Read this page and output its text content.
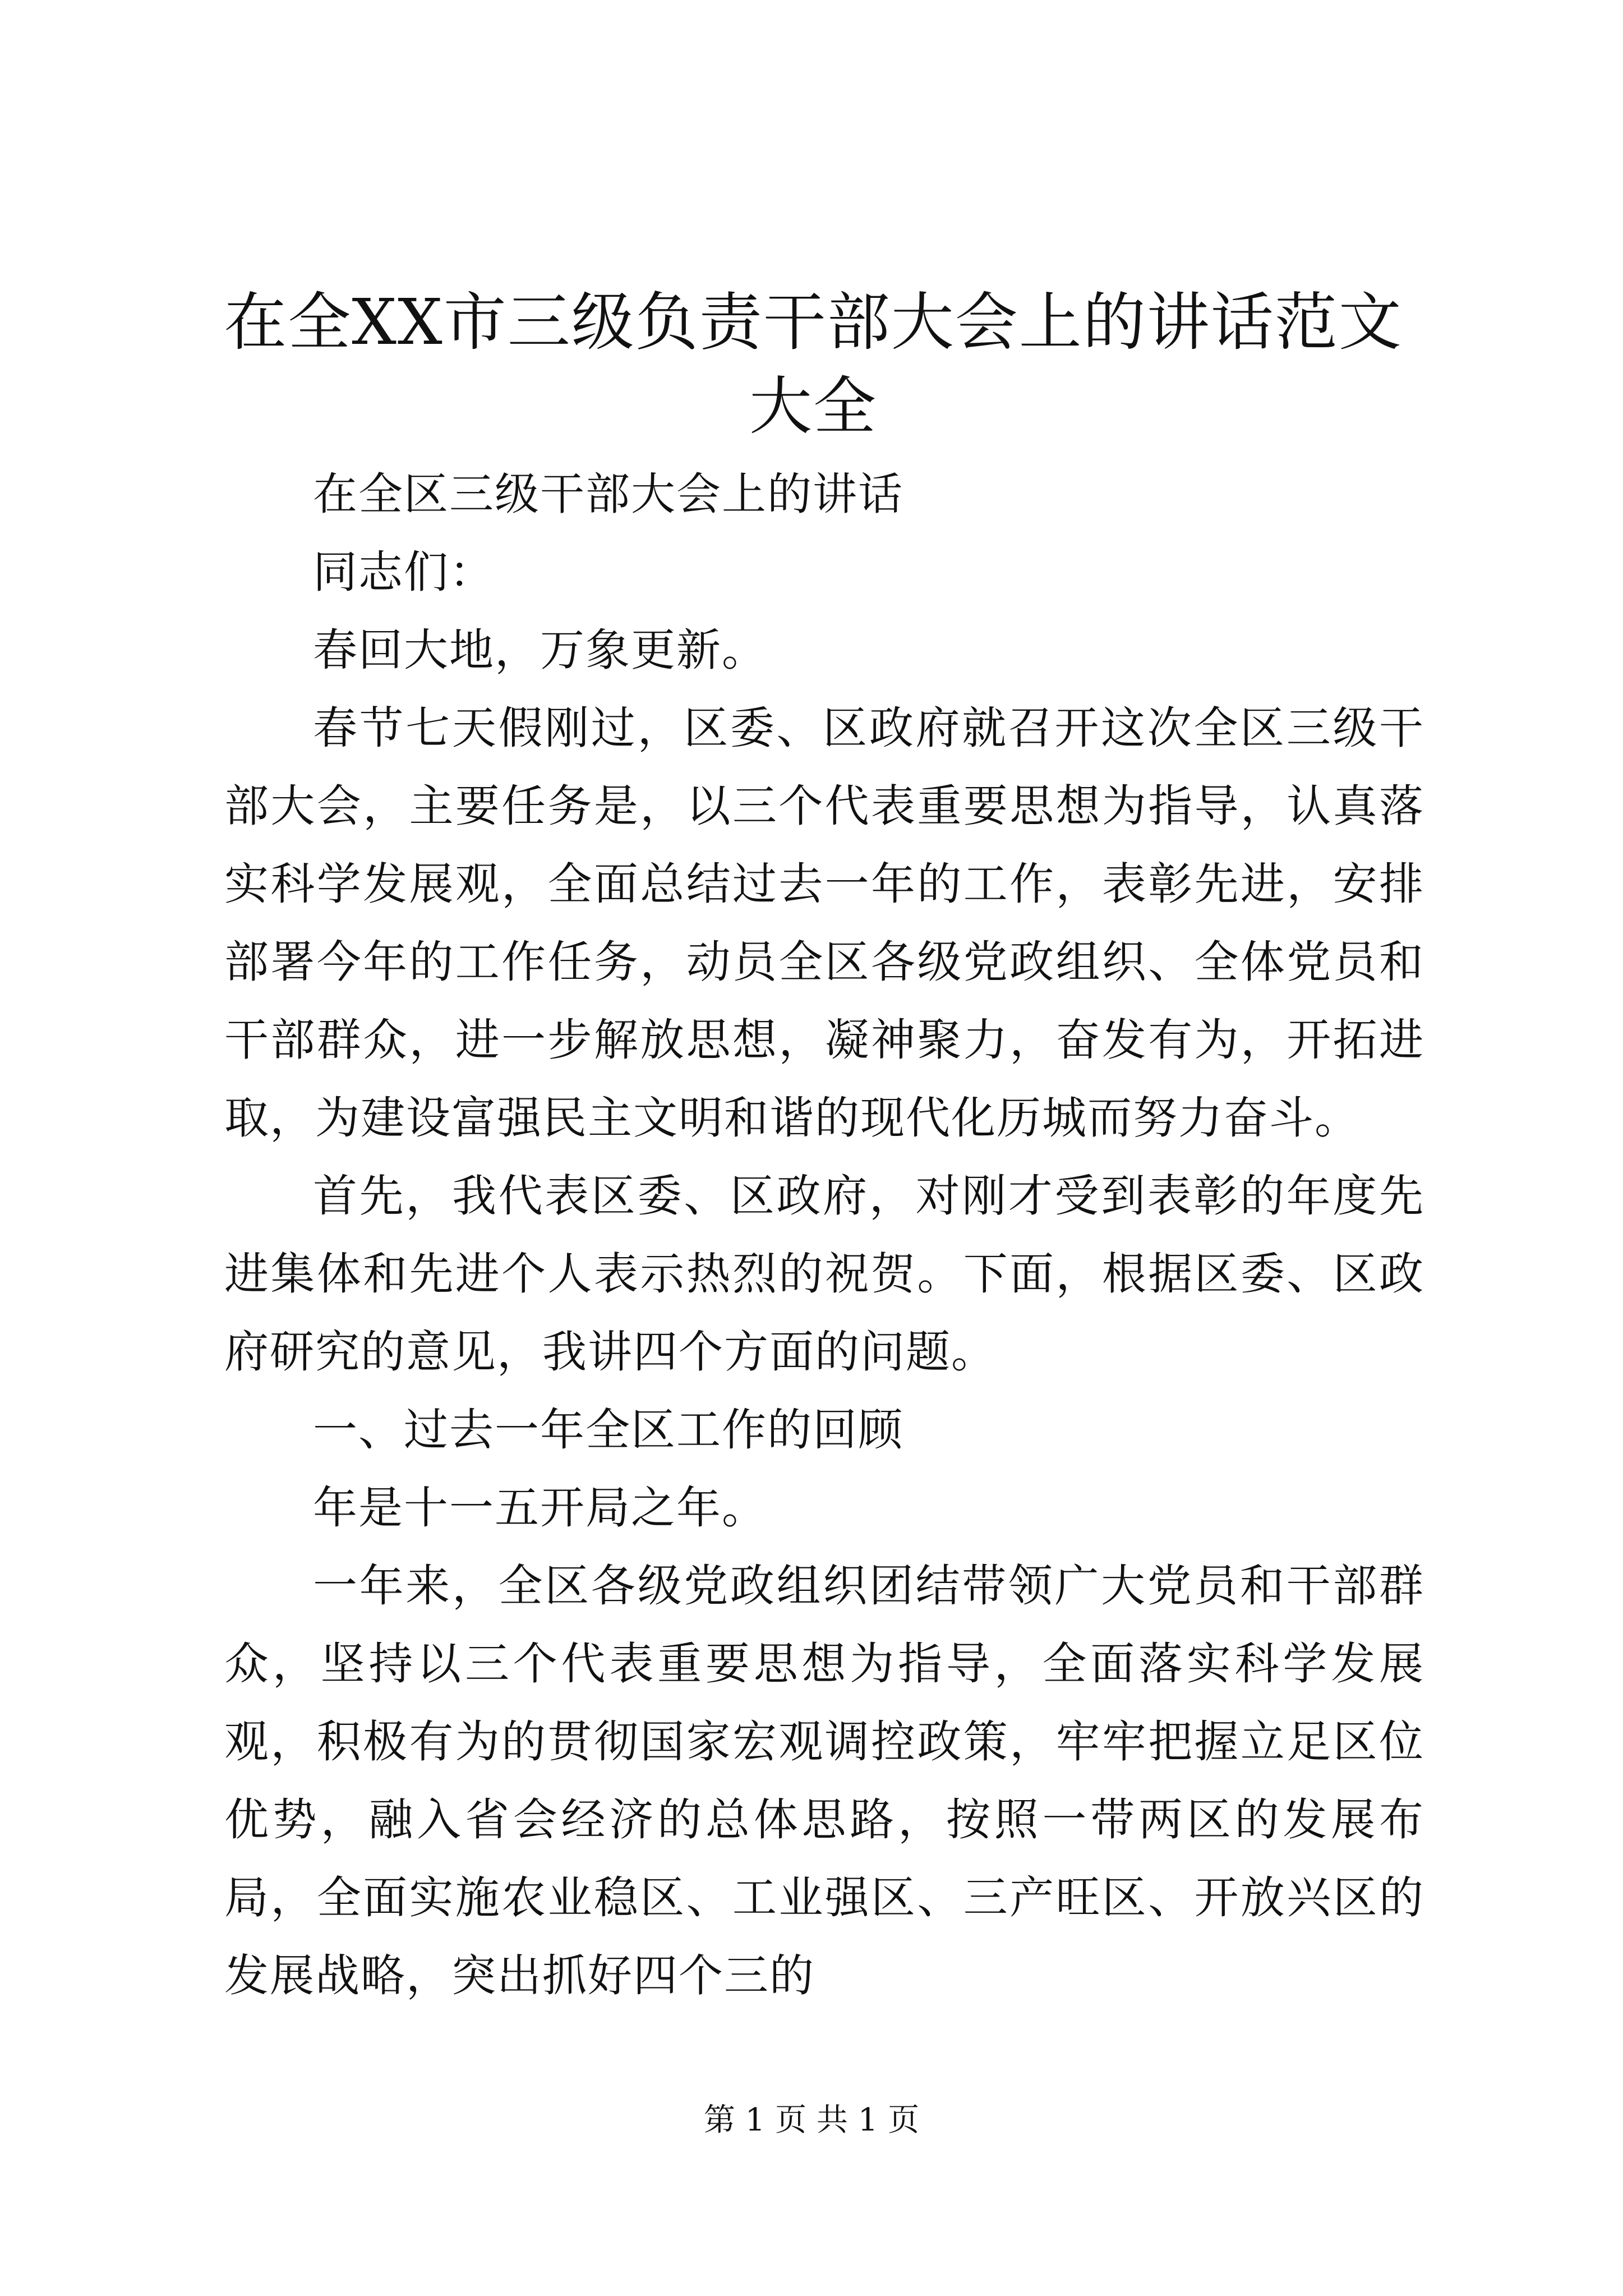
在全XX市三级负责干部大会上的讲话范文大全

在全区三级干部大会上的讲话

同志们：

春回大地，万象更新。

春节七天假刚过，区委、区政府就召开这次全区三级干部大会，主要任务是，以三个代表重要思想为指导，认真落实科学发展观，全面总结过去一年的工作，表彰先进，安排部署今年的工作任务，动员全区各级党政组织、全体党员和干部群众，进一步解放思想，凝神聚力，奋发有为，开拓进取，为建设富强民主文明和谐的现代化历城而努力奋斗。

首先，我代表区委、区政府，对刚才受到表彰的年度先进集体和先进个人表示热烈的祝贺。下面，根据区委、区政府研究的意见，我讲四个方面的问题。

一、过去一年全区工作的回顾

年是十一五开局之年。

一年来，全区各级党政组织团结带领广大党员和干部群众，坚持以三个代表重要思想为指导，全面落实科学发展观，积极有为的贯彻国家宏观调控政策，牢牢把握立足区位优势，融入省会经济的总体思路，按照一带两区的发展布局，全面实施农业稳区、工业强区、三产旺区、开放兴区的发展战略，突出抓好四个三的

第 1 页 共 1 页
